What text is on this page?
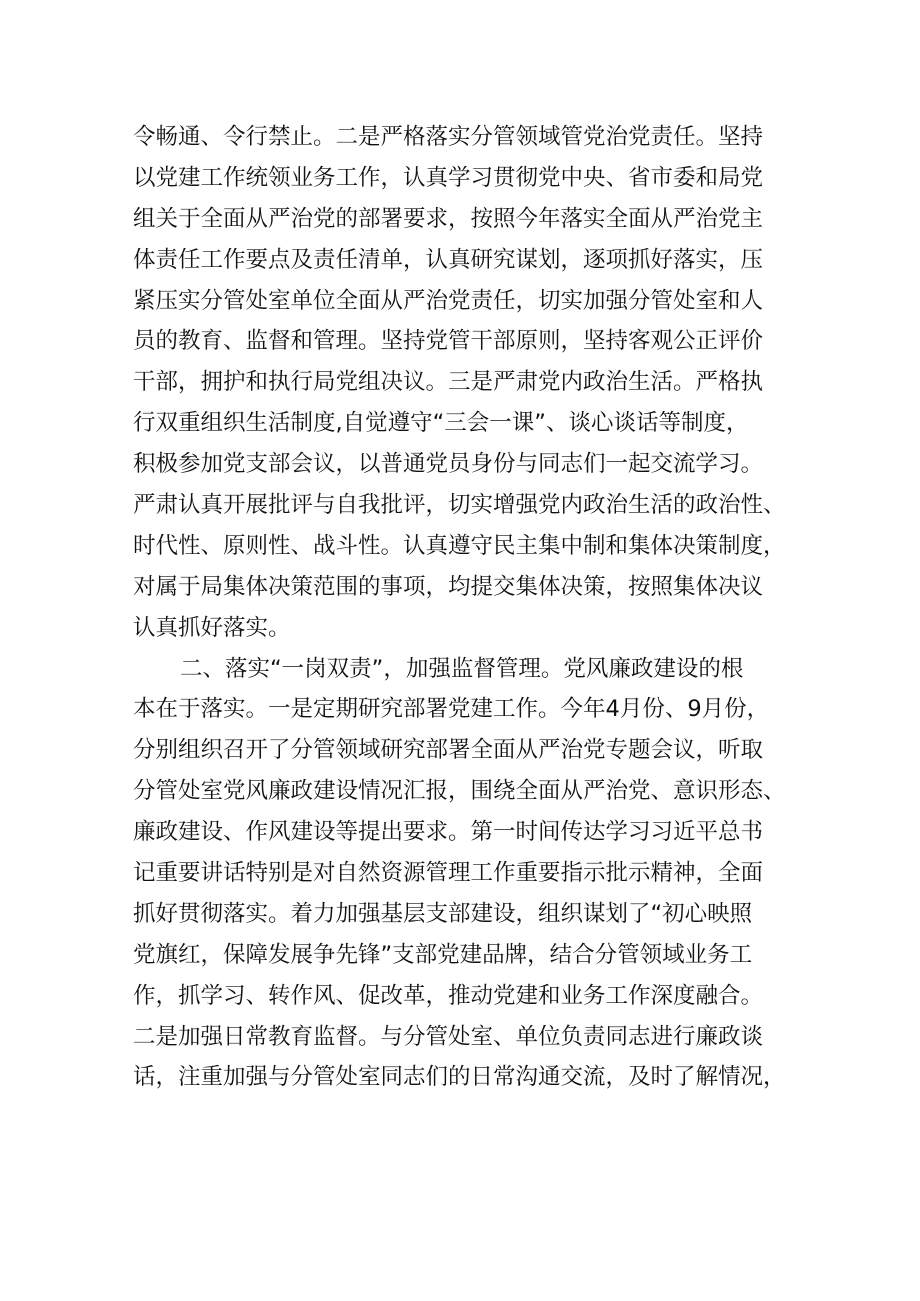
令畅通、令行禁止。二是严格落实分管领域管党治党责任。坚持
以党建工作统领业务工作，认真学习贯彻党中央、省市委和局党
组关于全面从严治党的部署要求，按照今年落实全面从严治党主
体责任工作要点及责任清单，认真研究谋划，逐项抓好落实，压
紧压实分管处室单位全面从严治党责任，切实加强分管处室和人
员的教育、监督和管理。坚持党管干部原则，坚持客观公正评价
干部，拥护和执行局党组决议。三是严肃党内政治生活。严格执
行双重组织生活制度,自觉遵守“三会一课”、谈心谈话等制度，
积极参加党支部会议，以普通党员身份与同志们一起交流学习。
严肃认真开展批评与自我批评，切实增强党内政治生活的政治性、
时代性、原则性、战斗性。认真遵守民主集中制和集体决策制度，
对属于局集体决策范围的事项，均提交集体决策，按照集体决议
认真抓好落实。
二、落实“一岗双责”，加强监督管理。党风廉政建设的根
本在于落实。一是定期研究部署党建工作。今年4月份、9月份，
分别组织召开了分管领域研究部署全面从严治党专题会议，听取
分管处室党风廉政建设情况汇报，围绕全面从严治党、意识形态、
廉政建设、作风建设等提出要求。第一时间传达学习习近平总书
记重要讲话特别是对自然资源管理工作重要指示批示精神，全面
抓好贯彻落实。着力加强基层支部建设，组织谋划了“初心映照
党旗红，保障发展争先锋”支部党建品牌，结合分管领域业务工
作，抓学习、转作风、促改革，推动党建和业务工作深度融合。
二是加强日常教育监督。与分管处室、单位负责同志进行廉政谈
话，注重加强与分管处室同志们的日常沟通交流，及时了解情况，
